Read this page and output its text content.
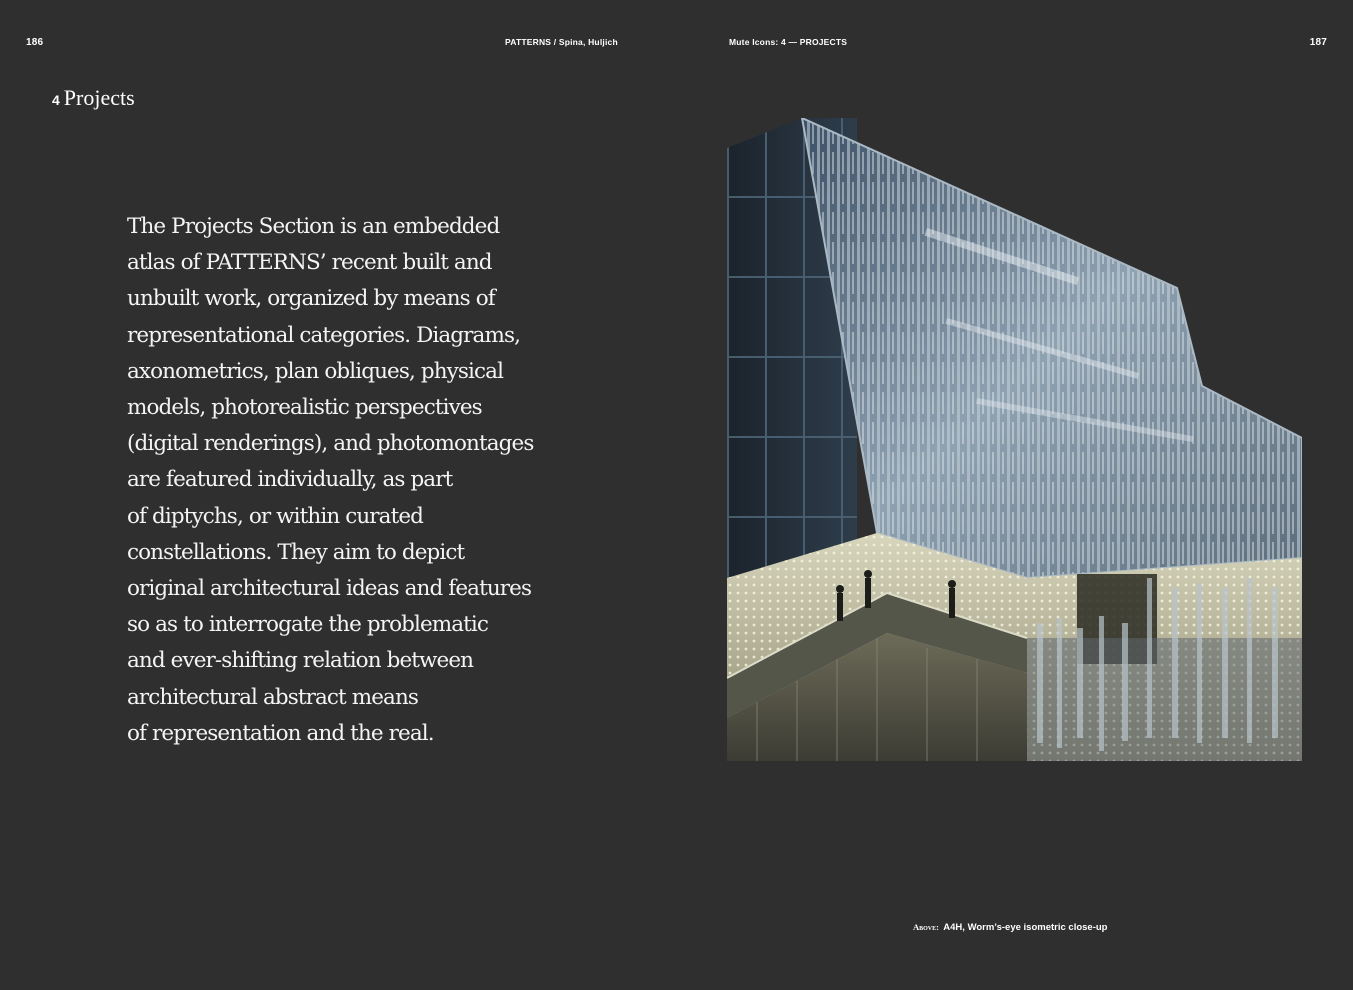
186	PATTERNS / Spina, Huljich	Mute Icons: 4 — PROJECTS	187
4 Projects
The Projects Section is an embedded
atlas of PATTERNS’ recent built and
unbuilt work, organized by means of
representational categories. Diagrams,
axonometrics, plan obliques, physical
models, photorealistic perspectives
(digital renderings), and photomontages
are featured individually, as part
of diptychs, or within curated
constellations. They aim to depict
original architectural ideas and features
so as to interrogate the problematic
and ever-shifting relation between
architectural abstract means
of representation and the real.
Above: A4H, Worm’s-eye isometric close-up
